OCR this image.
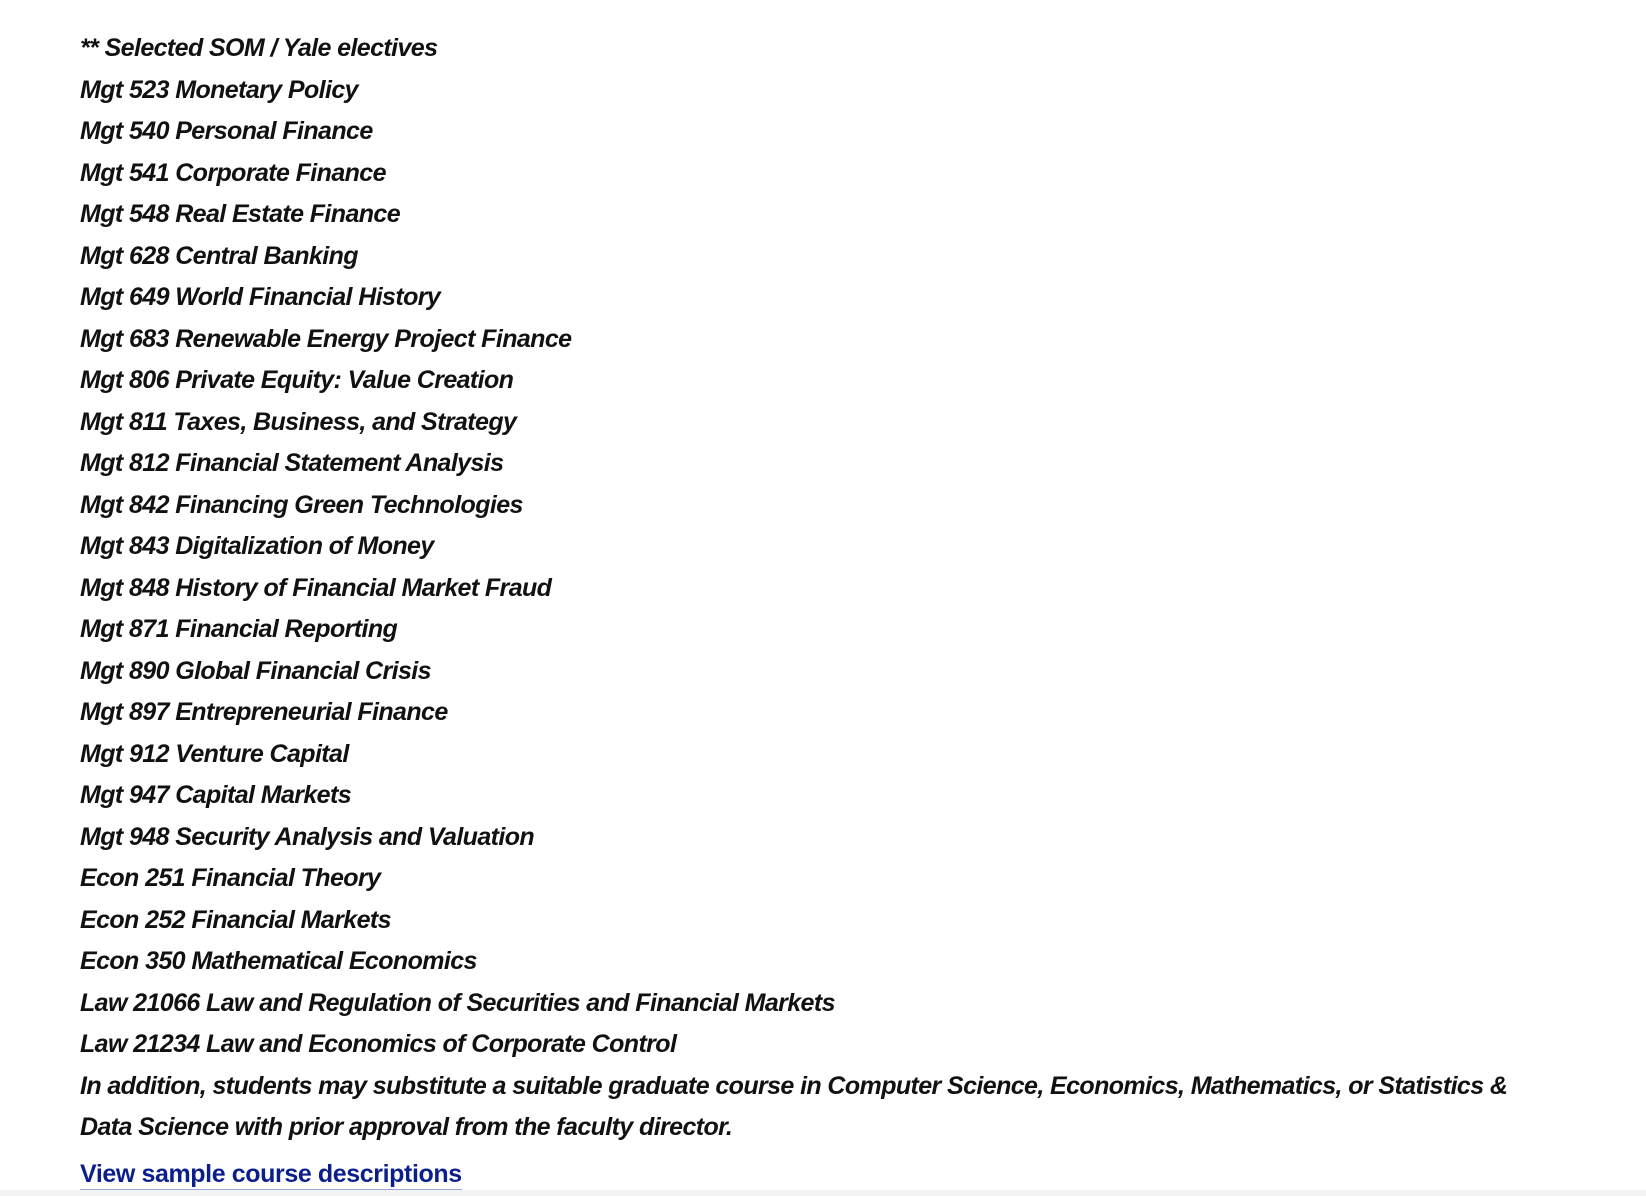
** Selected SOM / Yale electives

Mgt 523 Monetary Policy

Mgt 540 Personal Finance

Mgt 541 Corporate Finance

Mgt 548 Real Estate Finance

Mgt 628 Central Banking

Mgt 649 World Financial History

Mgt 683 Renewable Energy Project Finance

Mgt 806 Private Equity: Value Creation

Mgt 811 Taxes, Business, and Strategy

Mgt 812 Financial Statement Analysis

Mgt 842 Financing Green Technologies

Mgt 843 Digitalization of Money

Mgt 848 History of Financial Market Fraud

Mgt 871 Financial Reporting

Mgt 890 Global Financial Crisis

Mgt 897 Entrepreneurial Finance

Mgt 912 Venture Capital

Mgt 947 Capital Markets

Mgt 948 Security Analysis and Valuation

Econ 251 Financial Theory

Econ 252 Financial Markets

Econ 350 Mathematical Economics

Law 21066 Law and Regulation of Securities and Financial Markets

Law 21234 Law and Economics of Corporate Control

In addition, students may substitute a suitable graduate course in Computer Science, Economics, Mathematics, or Statistics & Data Science with prior approval from the faculty director.

View sample course descriptions
